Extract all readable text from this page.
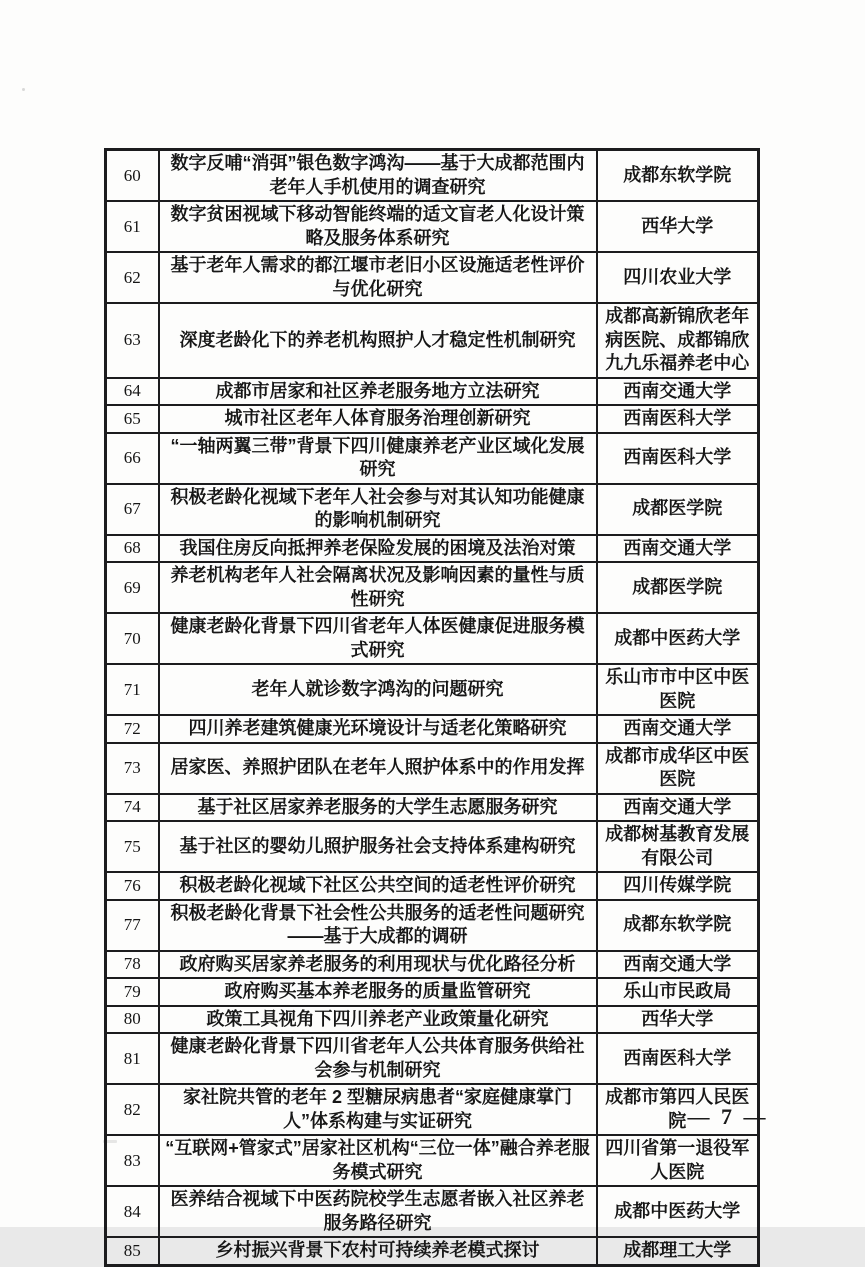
60	数字反哺“消弭”银色数字鸿沟——基于大成都范围内老年人手机使用的调查研究	成都东软学院
61	数字贫困视域下移动智能终端的适文盲老人化设计策略及服务体系研究	西华大学
62	基于老年人需求的都江堰市老旧小区设施适老性评价与优化研究	四川农业大学
63	深度老龄化下的养老机构照护人才稳定性机制研究	成都高新锦欣老年病医院、成都锦欣九九乐福养老中心
64	成都市居家和社区养老服务地方立法研究	西南交通大学
65	城市社区老年人体育服务治理创新研究	西南医科大学
66	“一轴两翼三带”背景下四川健康养老产业区域化发展研究	西南医科大学
67	积极老龄化视域下老年人社会参与对其认知功能健康的影响机制研究	成都医学院
68	我国住房反向抵押养老保险发展的困境及法治对策	西南交通大学
69	养老机构老年人社会隔离状况及影响因素的量性与质性研究	成都医学院
70	健康老龄化背景下四川省老年人体医健康促进服务模式研究	成都中医药大学
71	老年人就诊数字鸿沟的问题研究	乐山市市中区中医医院
72	四川养老建筑健康光环境设计与适老化策略研究	西南交通大学
73	居家医、养照护团队在老年人照护体系中的作用发挥	成都市成华区中医医院
74	基于社区居家养老服务的大学生志愿服务研究	西南交通大学
75	基于社区的婴幼儿照护服务社会支持体系建构研究	成都树基教育发展有限公司
76	积极老龄化视域下社区公共空间的适老性评价研究	四川传媒学院
77	积极老龄化背景下社会性公共服务的适老性问题研究——基于大成都的调研	成都东软学院
78	政府购买居家养老服务的利用现状与优化路径分析	西南交通大学
79	政府购买基本养老服务的质量监管研究	乐山市民政局
80	政策工具视角下四川养老产业政策量化研究	西华大学
81	健康老龄化背景下四川省老年人公共体育服务供给社会参与机制研究	西南医科大学
82	家社院共管的老年 2 型糖尿病患者“家庭健康掌门人”体系构建与实证研究	成都市第四人民医院
83	“互联网+管家式”居家社区机构“三位一体”融合养老服务模式研究	四川省第一退役军人医院
84	医养结合视域下中医药院校学生志愿者嵌入社区养老服务路径研究	成都中医药大学
85	乡村振兴背景下农村可持续养老模式探讨	成都理工大学
— 7 —
